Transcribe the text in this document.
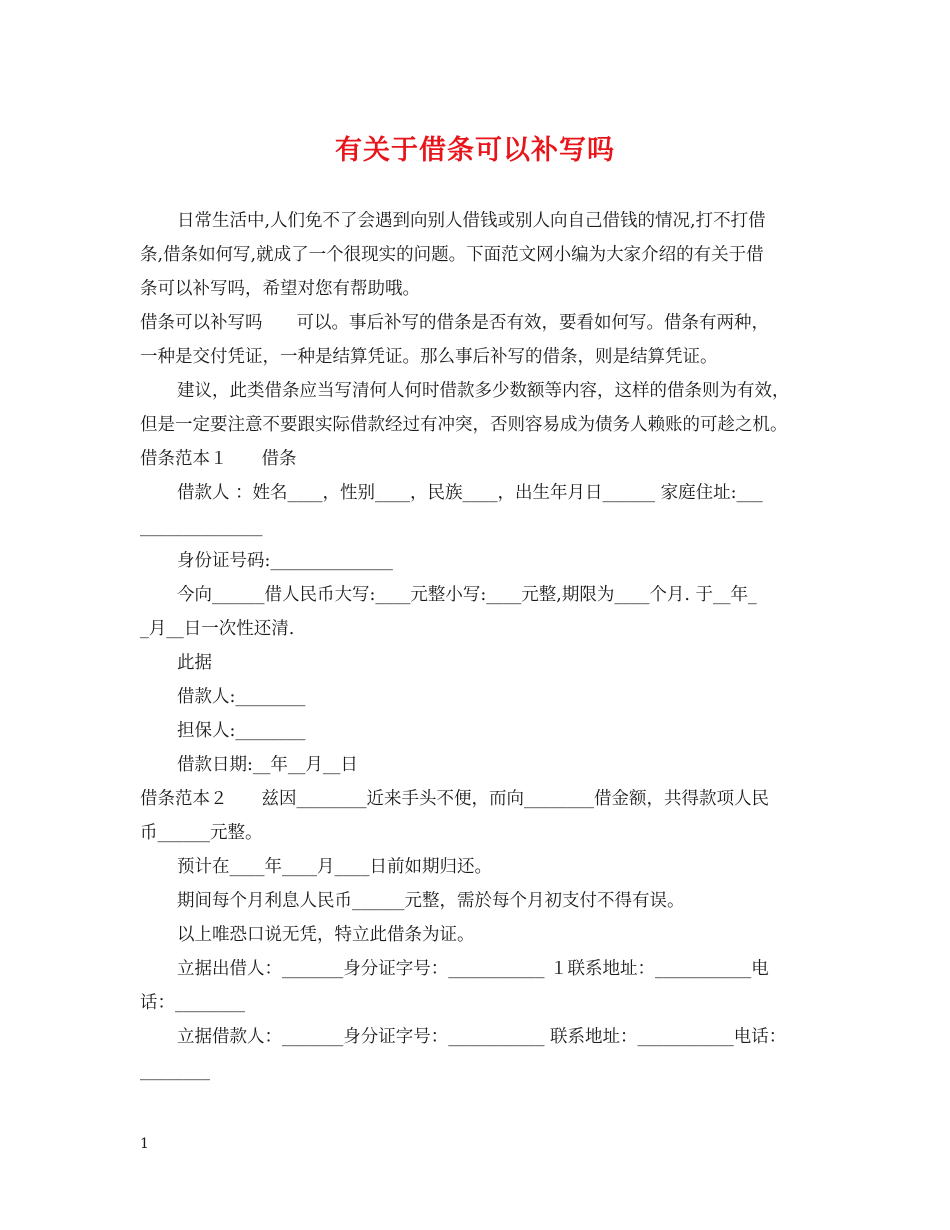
有关于借条可以补写吗
日常生活中,人们免不了会遇到向别人借钱或别人向自己借钱的情况,打不打借
条,借条如何写,就成了一个很现实的问题。下面范文网小编为大家介绍的有关于借
条可以补写吗，希望对您有帮助哦。
借条可以补写吗 可以。事后补写的借条是否有效，要看如何写。借条有两种，
一种是交付凭证，一种是结算凭证。那么事后补写的借条，则是结算凭证。
建议，此类借条应当写清何人何时借款多少数额等内容，这样的借条则为有效，
但是一定要注意不要跟实际借款经过有冲突，否则容易成为债务人赖账的可趁之机。
借条范本１ 借条
借款人 ：姓名____，性别____，民族____，出生年月日______ 家庭住址:___
______________
身份证号码:______________
今向______借人民币大写:____元整小写:____元整,期限为____个月. 于__年_
_月__日一次性还清.
此据
借款人:________
担保人:________
借款日期:__年__月__日
借条范本２ 兹因________近来手头不便，而向________借金额，共得款项人民
币______元整。
预计在____年____月____日前如期归还。
期间每个月利息人民币______元整，需於每个月初支付不得有误。
以上唯恐口说无凭，特立此借条为证。
立据出借人：_______身分证字号：___________ １联系地址：___________电
话：________
立据借款人：_______身分证字号：___________ 联系地址：___________电话：
________
1
